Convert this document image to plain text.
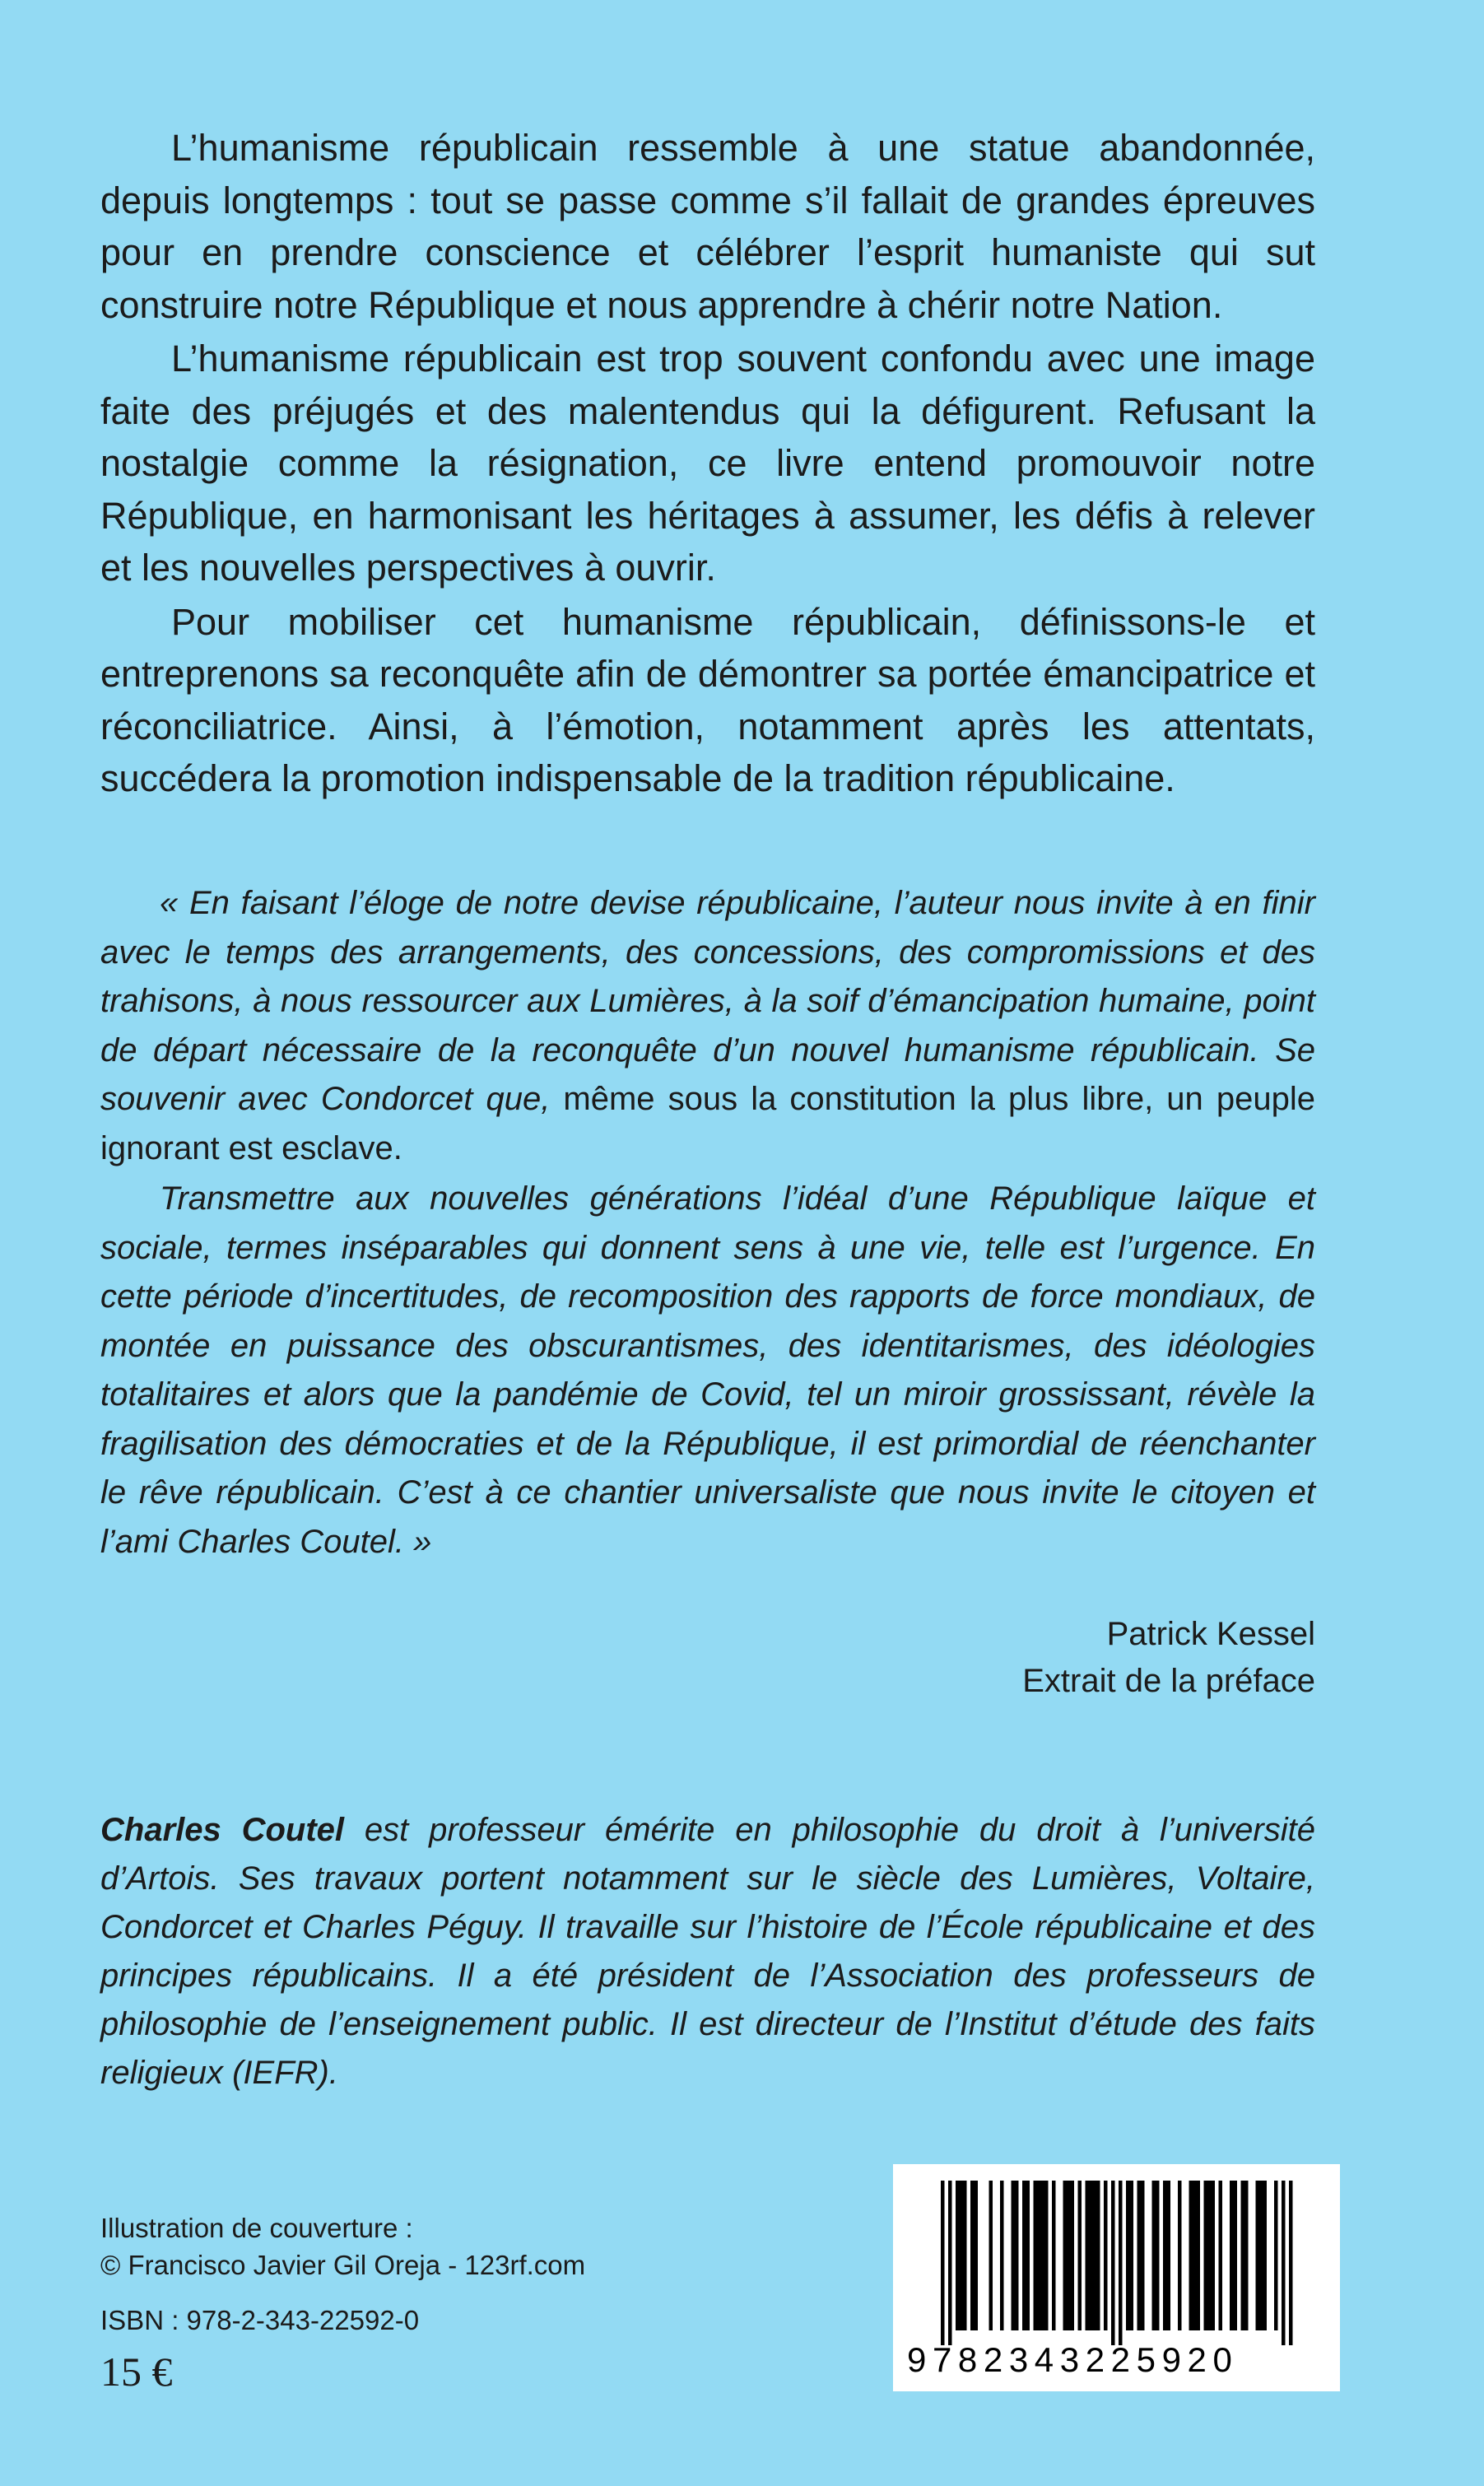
L’humanisme républicain ressemble à une statue abandonnée, depuis longtemps : tout se passe comme s’il fallait de grandes épreuves pour en prendre conscience et célébrer l’esprit humaniste qui sut construire notre République et nous apprendre à chérir notre Nation.

L’humanisme républicain est trop souvent confondu avec une image faite des préjugés et des malentendus qui la défigurent. Refusant la nostalgie comme la résignation, ce livre entend promouvoir notre République, en harmonisant les héritages à assumer, les défis à relever et les nouvelles perspectives à ouvrir.

Pour mobiliser cet humanisme républicain, définissons-le et entreprenons sa reconquête afin de démontrer sa portée émancipatrice et réconciliatrice. Ainsi, à l’émotion, notamment après les attentats, succédera la promotion indispensable de la tradition républicaine.

« En faisant l’éloge de notre devise républicaine, l’auteur nous invite à en finir avec le temps des arrangements, des concessions, des compromissions et des trahisons, à nous ressourcer aux Lumières, à la soif d’émancipation humaine, point de départ nécessaire de la reconquête d’un nouvel humanisme républicain. Se souvenir avec Condorcet que, même sous la constitution la plus libre, un peuple ignorant est esclave.

Transmettre aux nouvelles générations l’idéal d’une République laïque et sociale, termes inséparables qui donnent sens à une vie, telle est l’urgence. En cette période d’incertitudes, de recomposition des rapports de force mondiaux, de montée en puissance des obscurantismes, des identitarismes, des idéologies totalitaires et alors que la pandémie de Covid, tel un miroir grossissant, révèle la fragilisation des démocraties et de la République, il est primordial de réenchanter le rêve républicain. C’est à ce chantier universaliste que nous invite le citoyen et l’ami Charles Coutel. »

Patrick Kessel
Extrait de la préface
Charles Coutel est professeur émérite en philosophie du droit à l’université d’Artois. Ses travaux portent notamment sur le siècle des Lumières, Voltaire, Condorcet et Charles Péguy. Il travaille sur l’histoire de l’École républicaine et des principes républicains. Il a été président de l’Association des professeurs de philosophie de l’enseignement public. Il est directeur de l’Institut d’étude des faits religieux (IEFR).
Illustration de couverture :
© Francisco Javier Gil Oreja - 123rf.com
ISBN : 978-2-343-22592-0
15 €	9782343225920
